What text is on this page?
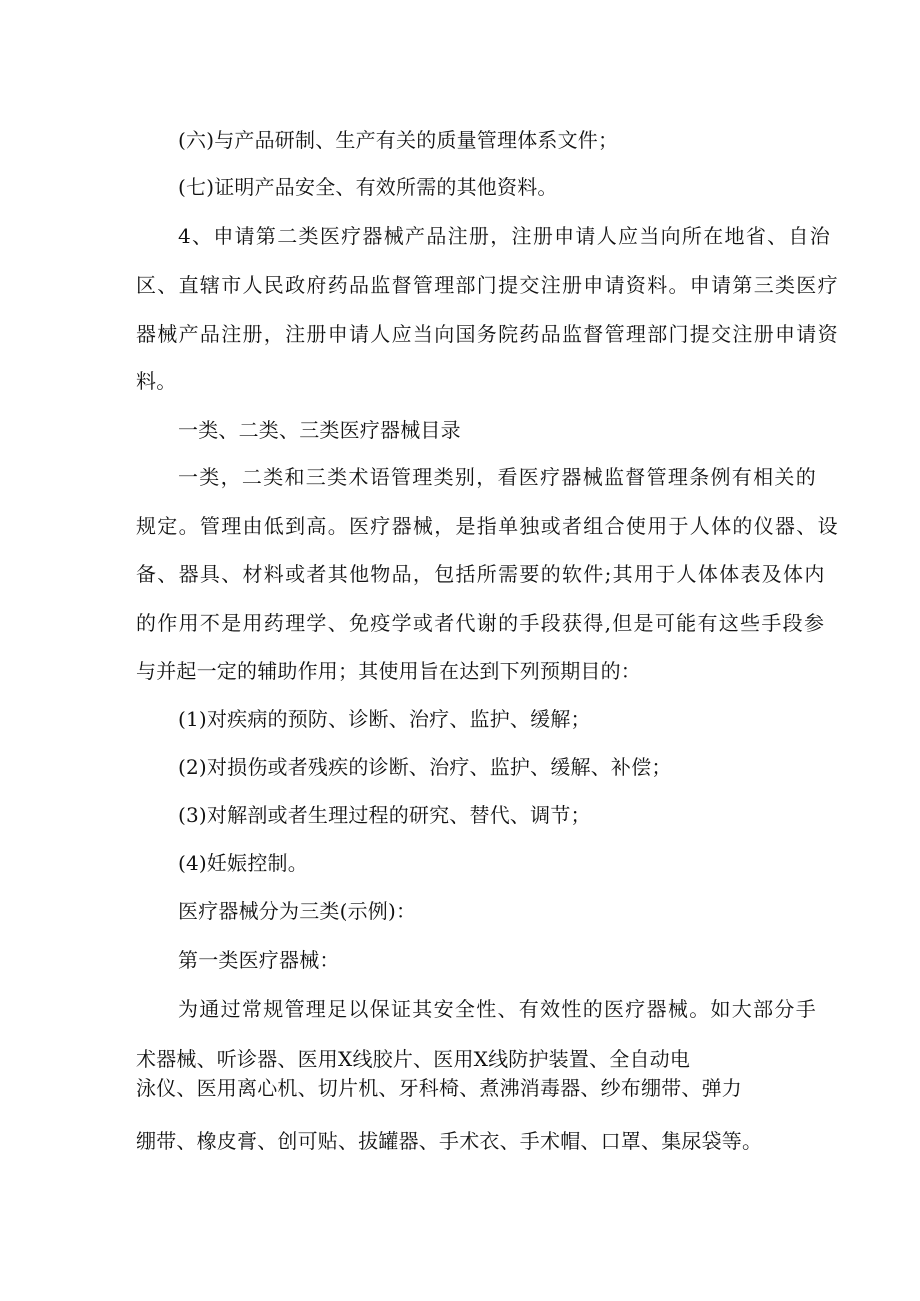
(六)与产品研制、生产有关的质量管理体系文件；
(七)证明产品安全、有效所需的其他资料。
4、申请第二类医疗器械产品注册，注册申请人应当向所在地省、自治
区、直辖市人民政府药品监督管理部门提交注册申请资料。申请第三类医疗
器械产品注册，注册申请人应当向国务院药品监督管理部门提交注册申请资
料。
一类、二类、三类医疗器械目录
一类，二类和三类术语管理类别，看医疗器械监督管理条例有相关的
规定。管理由低到高。医疗器械，是指单独或者组合使用于人体的仪器、设
备、器具、材料或者其他物品，包括所需要的软件;其用于人体体表及体内
的作用不是用药理学、免疫学或者代谢的手段获得,但是可能有这些手段参
与并起一定的辅助作用；其使用旨在达到下列预期目的：
(1)对疾病的预防、诊断、治疗、监护、缓解；
(2)对损伤或者残疾的诊断、治疗、监护、缓解、补偿；
(3)对解剖或者生理过程的研究、替代、调节；
(4)妊娠控制。
医疗器械分为三类(示例)：
第一类医疗器械：
为通过常规管理足以保证其安全性、有效性的医疗器械。如大部分手
术器械、听诊器、医用X线胶片、医用X线防护装置、全自动电
泳仪、医用离心机、切片机、牙科椅、煮沸消毒器、纱布绷带、弹力
绷带、橡皮膏、创可贴、拔罐器、手术衣、手术帽、口罩、集尿袋等。
